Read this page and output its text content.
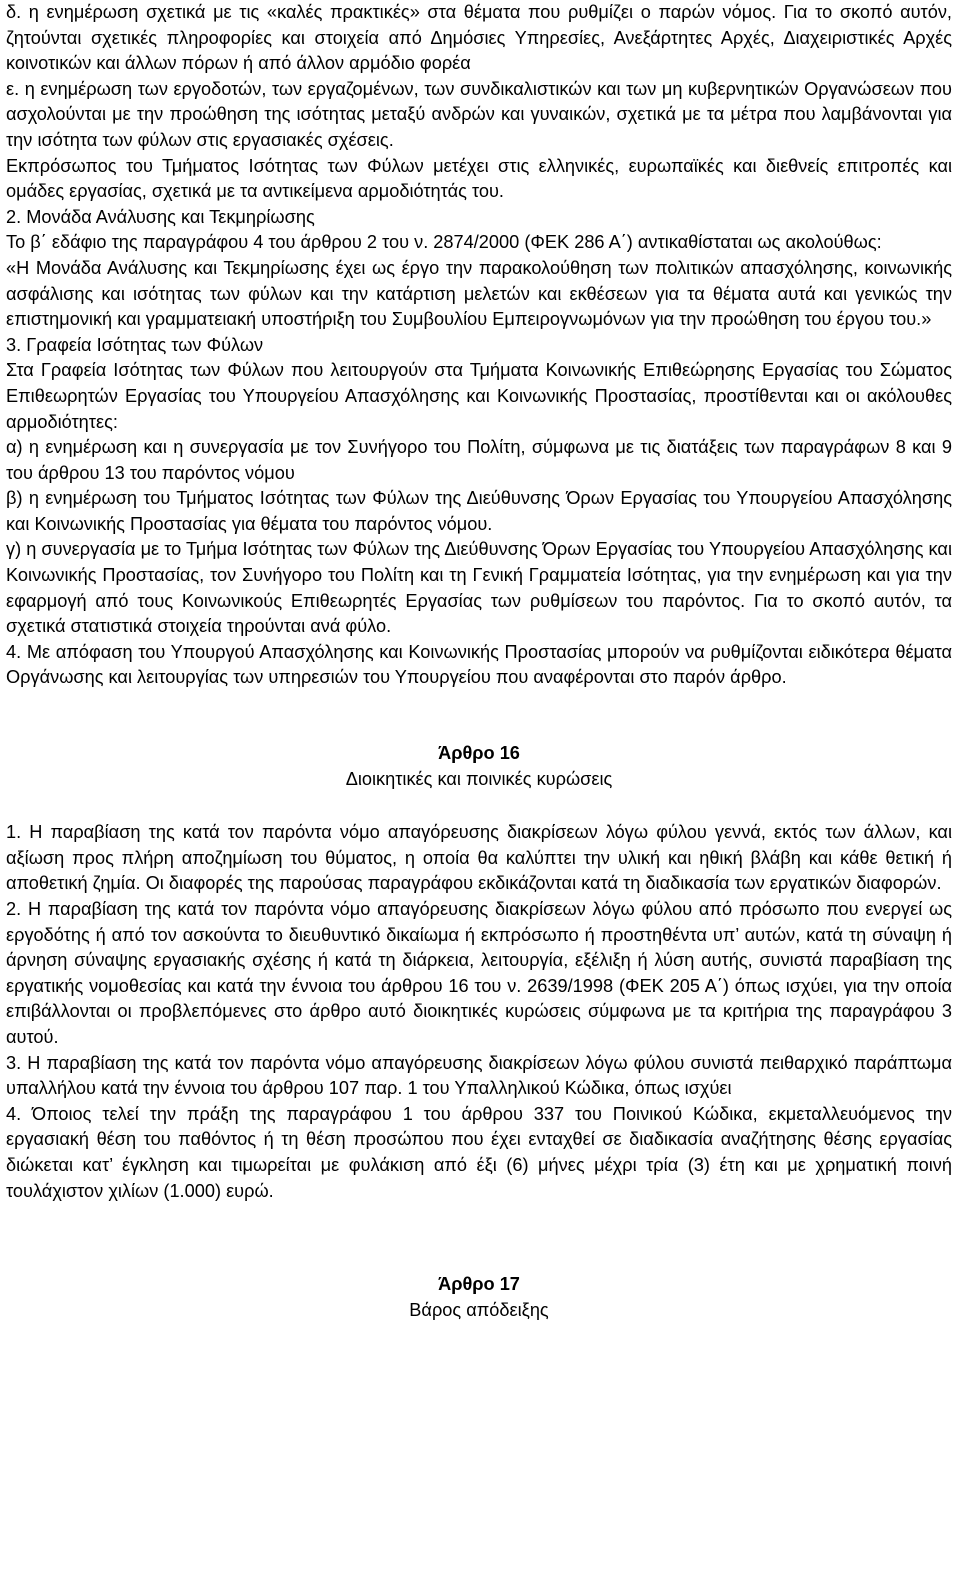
δ. η ενημέρωση σχετικά με τις «καλές πρακτικές» στα θέματα που ρυθμίζει ο παρών νόμος. Για το σκοπό αυτόν, ζητούνται σχετικές πληροφορίες και στοιχεία από Δημόσιες Υπηρεσίες, Ανεξάρτητες Αρχές, Διαχειριστικές Αρχές κοινοτικών και άλλων πόρων ή από άλλον αρμόδιο φορέα

ε. η ενημέρωση των εργοδοτών, των εργαζομένων, των συνδικαλιστικών και των μη κυβερνητικών Οργανώσεων που ασχολούνται με την προώθηση της ισότητας μεταξύ ανδρών και γυναικών, σχετικά με τα μέτρα που λαμβάνονται για την ισότητα των φύλων στις εργασιακές σχέσεις.

Εκπρόσωπος του Τμήματος Ισότητας των Φύλων μετέχει στις ελληνικές, ευρωπαϊκές και διεθνείς επιτροπές και ομάδες εργασίας, σχετικά με τα αντικείμενα αρμοδιότητάς του.

2. Μονάδα Ανάλυσης και Τεκμηρίωσης

Το β΄ εδάφιο της παραγράφου 4 του άρθρου 2 του ν. 2874/2000 (ΦΕΚ 286 Α΄) αντικαθίσταται ως ακολούθως:

«Η Μονάδα Ανάλυσης και Τεκμηρίωσης έχει ως έργο την παρακολούθηση των πολιτικών απασχόλησης, κοινωνικής ασφάλισης και ισότητας των φύλων και την κατάρτιση μελετών και εκθέσεων για τα θέματα αυτά και γενικώς την επιστημονική και γραμματειακή υποστήριξη του Συμβουλίου Εμπειρογνωμόνων για την προώθηση του έργου του.»

3. Γραφεία Ισότητας των Φύλων

Στα Γραφεία Ισότητας των Φύλων που λειτουργούν στα Τμήματα Κοινωνικής Επιθεώρησης Εργασίας του Σώματος Επιθεωρητών Εργασίας του Υπουργείου Απασχόλησης και Κοινωνικής Προστασίας, προστίθενται και οι ακόλουθες αρμοδιότητες:

α) η ενημέρωση και η συνεργασία με τον Συνήγορο του Πολίτη, σύμφωνα με τις διατάξεις των παραγράφων 8 και 9 του άρθρου 13 του παρόντος νόμου

β) η ενημέρωση του Τμήματος Ισότητας των Φύλων της Διεύθυνσης Όρων Εργασίας του Υπουργείου Απασχόλησης και Κοινωνικής Προστασίας για θέματα του παρόντος νόμου.

γ) η συνεργασία με το Τμήμα Ισότητας των Φύλων της Διεύθυνσης Όρων Εργασίας του Υπουργείου Απασχόλησης και Κοινωνικής Προστασίας, τον Συνήγορο του Πολίτη και τη Γενική Γραμματεία Ισότητας, για την ενημέρωση και για την εφαρμογή από τους Κοινωνικούς Επιθεωρητές Εργασίας των ρυθμίσεων του παρόντος. Για το σκοπό αυτόν, τα σχετικά στατιστικά στοιχεία τηρούνται ανά φύλο.

4. Με απόφαση του Υπουργού Απασχόλησης και Κοινωνικής Προστασίας μπορούν να ρυθμίζονται ειδικότερα θέματα Οργάνωσης και λειτουργίας των υπηρεσιών του Υπουργείου που αναφέρονται στο παρόν άρθρο.

Άρθρο 16

Διοικητικές και ποινικές κυρώσεις

1. Η παραβίαση της κατά τον παρόντα νόμο απαγόρευσης διακρίσεων λόγω φύλου γεννά, εκτός των άλλων, και αξίωση προς πλήρη αποζημίωση του θύματος, η οποία θα καλύπτει την υλική και ηθική βλάβη και κάθε θετική ή αποθετική ζημία. Οι διαφορές της παρούσας παραγράφου εκδικάζονται κατά τη διαδικασία των εργατικών διαφορών.

2. Η παραβίαση της κατά τον παρόντα νόμο απαγόρευσης διακρίσεων λόγω φύλου από πρόσωπο που ενεργεί ως εργοδότης ή από τον ασκούντα το διευθυντικό δικαίωμα ή εκπρόσωπο ή προστηθέντα υπ’ αυτών, κατά τη σύναψη ή άρνηση σύναψης εργασιακής σχέσης ή κατά τη διάρκεια, λειτουργία, εξέλιξη ή λύση αυτής, συνιστά παραβίαση της εργατικής νομοθεσίας και κατά την έννοια του άρθρου 16 του ν. 2639/1998 (ΦΕΚ 205 Α΄) όπως ισχύει, για την οποία επιβάλλονται οι προβλεπόμενες στο άρθρο αυτό διοικητικές κυρώσεις σύμφωνα με τα κριτήρια της παραγράφου 3 αυτού.

3. Η παραβίαση της κατά τον παρόντα νόμο απαγόρευσης διακρίσεων λόγω φύλου συνιστά πειθαρχικό παράπτωμα υπαλλήλου κατά την έννοια του άρθρου 107 παρ. 1 του Υπαλληλικού Κώδικα, όπως ισχύει

4. Όποιος τελεί την πράξη της παραγράφου 1 του άρθρου 337 του Ποινικού Κώδικα, εκμεταλλευόμενος την εργασιακή θέση του παθόντος ή τη θέση προσώπου που έχει ενταχθεί σε διαδικασία αναζήτησης θέσης εργασίας διώκεται κατ’ έγκληση και τιμωρείται με φυλάκιση από έξι (6) μήνες μέχρι τρία (3) έτη και με χρηματική ποινή τουλάχιστον χιλίων (1.000) ευρώ.

Άρθρο 17

Βάρος απόδειξης
